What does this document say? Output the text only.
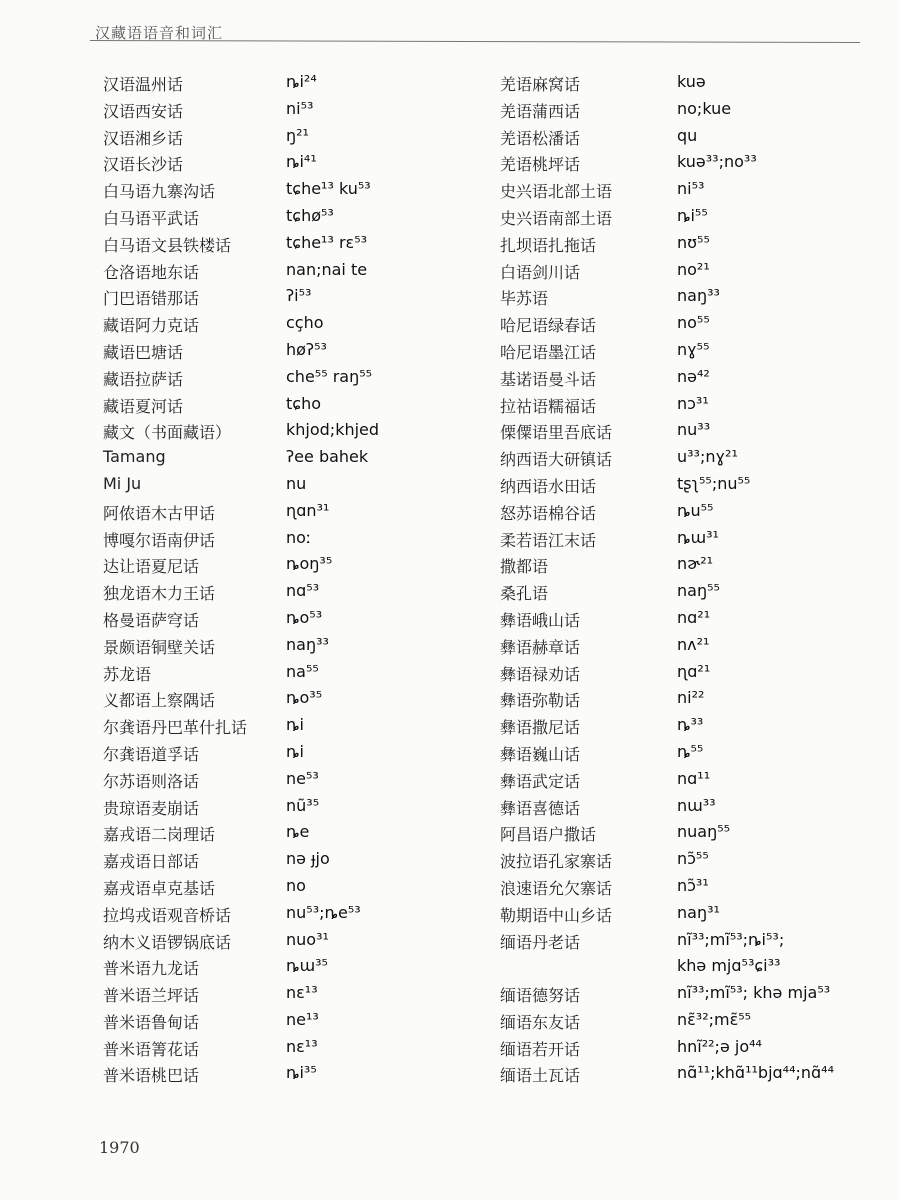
汉藏语语音和词汇
汉语温州话	ȵi²⁴
汉语西安话	ni⁵³
汉语湘乡话	ŋ²¹
汉语长沙话	ȵi⁴¹
白马语九寨沟话	tɕhe¹³ ku⁵³
白马语平武话	tɕhø⁵³
白马语文县铁楼话	tɕhe¹³ rɛ⁵³
仓洛语地东话	nan;nai te
门巴语错那话	ʔi⁵³
藏语阿力克话	cçho
藏语巴塘话	høʔ⁵³
藏语拉萨话	che⁵⁵ raŋ⁵⁵
藏语夏河话	tɕho
藏文（书面藏语）	khjod;khjed
Tamang	ʔee bahek
Mi Ju	nu
阿侬语木古甲话	ɳɑn³¹
博嘎尔语南伊话	noː
达让语夏尼话	ȵoŋ³⁵
独龙语木力王话	nɑ⁵³
格曼语萨穹话	ȵo⁵³
景颇语铜壁关话	naŋ³³
苏龙语	na⁵⁵
义都语上察隅话	ȵo³⁵
尔龚语丹巴革什扎话 ȵi
尔龚语道孚话	ȵi
尔苏语则洛话	ne⁵³
贵琼语麦崩话	nũ³⁵
嘉戎语二岗理话	ȵe
嘉戎语日部话	nə ɟjo
嘉戎语卓克基话	no
拉坞戎语观音桥话	nu⁵³;ȵe⁵³
纳木义语锣锅底话	nuo³¹
普米语九龙话	ȵɯ³⁵
普米语兰坪话	nɛ¹³
普米语鲁甸话	ne¹³
普米语箐花话	nɛ¹³
普米语桃巴话	ȵi³⁵
羌语麻窝话	kuə
羌语蒲西话	no;kue
羌语松潘话	qu
羌语桃坪话	kuə³³;no³³
史兴语北部土语	ni⁵³
史兴语南部土语	ȵi⁵⁵
扎坝语扎拖话	nʊ⁵⁵
白语剑川话	no²¹
毕苏语	naŋ³³
哈尼语绿春话	no⁵⁵
哈尼语墨江话	nɣ⁵⁵
基诺语曼斗话	nə⁴²
拉祜语糯福话	nɔ³¹
傈僳语里吾底话	nu³³
纳西语大研镇话	u³³;nɣ²¹
纳西语水田话	tʂʅ⁵⁵;nu⁵⁵
怒苏语棉谷话	ȵu⁵⁵
柔若语江末话	ȵɯ³¹
撒都语	nɚ²¹
桑孔语	naŋ⁵⁵
彝语峨山话	nɑ²¹
彝语赫章话	nʌ²¹
彝语禄劝话	ɳɑ²¹
彝语弥勒话	ni²²
彝语撒尼话	ȵ³³
彝语巍山话	ȵ⁵⁵
彝语武定话	nɑ¹¹
彝语喜德话	nɯ³³
阿昌语户撒话	nuaŋ⁵⁵
波拉语孔家寨话	nɔ̃⁵⁵
浪速语允欠寨话	nɔ̃³¹
勒期语中山乡话	naŋ³¹
缅语丹老话	nĩ³³;mĩ⁵³;ȵi⁵³;
khə mjɑ⁵³ɕi³³
缅语德努话	nĩ³³;mĩ⁵³; khə mja⁵³
缅语东友话	nɛ̃³²;mɛ̃⁵⁵
缅语若开话	hnĩ²²;ə jo⁴⁴
缅语土瓦话	nɑ̃¹¹;khɑ̃¹¹bjɑ⁴⁴;nɑ̃⁴⁴
1970
